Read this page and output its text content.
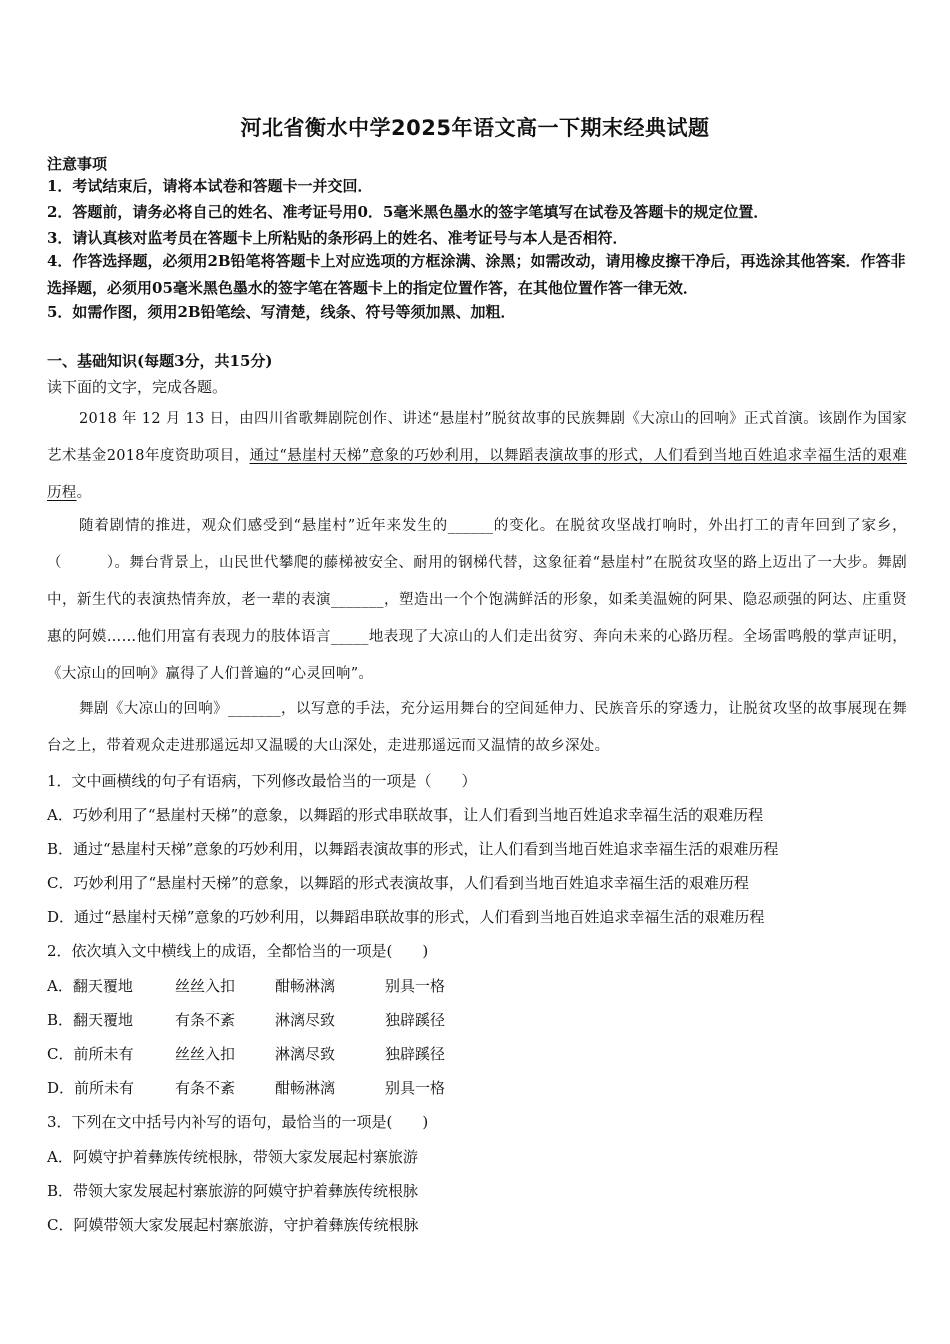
河北省衡水中学2025年语文高一下期末经典试题
注意事项
1．考试结束后，请将本试卷和答题卡一并交回．
2．答题前，请务必将自己的姓名、准考证号用0．5毫米黑色墨水的签字笔填写在试卷及答题卡的规定位置．
3．请认真核对监考员在答题卡上所粘贴的条形码上的姓名、准考证号与本人是否相符．
4．作答选择题，必须用2B铅笔将答题卡上对应选项的方框涂满、涂黑；如需改动，请用橡皮擦干净后，再选涂其他答案．作答非选择题，必须用05毫米黑色墨水的签字笔在答题卡上的指定位置作答，在其他位置作答一律无效．
5．如需作图，须用2B铅笔绘、写清楚，线条、符号等须加黑、加粗．
一、基础知识(每题3分，共15分)
读下面的文字，完成各题。
2018 年 12 月 13 日，由四川省歌舞剧院创作、讲述“悬崖村”脱贫故事的民族舞剧《大凉山的回响》正式首演。该剧作为国家艺术基金2018年度资助项目，通过“悬崖村天梯”意象的巧妙利用，以舞蹈表演故事的形式，人们看到当地百姓追求幸福生活的艰难历程。
随着剧情的推进，观众们感受到“悬崖村”近年来发生的______的变化。在脱贫攻坚战打响时，外出打工的青年回到了家乡，（　　　）。舞台背景上，山民世代攀爬的藤梯被安全、耐用的钢梯代替，这象征着“悬崖村”在脱贫攻坚的路上迈出了一大步。舞剧中，新生代的表演热情奔放，老一辈的表演_______，塑造出一个个饱满鲜活的形象，如柔美温婉的阿果、隐忍顽强的阿达、庄重贤惠的阿嫫……他们用富有表现力的肢体语言_____地表现了大凉山的人们走出贫穷、奔向未来的心路历程。全场雷鸣般的掌声证明，《大凉山的回响》赢得了人们普遍的“心灵回响”。
舞剧《大凉山的回响》_______，以写意的手法，充分运用舞台的空间延伸力、民族音乐的穿透力，让脱贫攻坚的故事展现在舞台之上，带着观众走进那遥远却又温暖的大山深处，走进那遥远而又温情的故乡深处。
1．文中画横线的句子有语病，下列修改最恰当的一项是（　　）
A．巧妙利用了“悬崖村天梯”的意象，以舞蹈的形式串联故事，让人们看到当地百姓追求幸福生活的艰难历程
B．通过“悬崖村天梯”意象的巧妙利用，以舞蹈表演故事的形式，让人们看到当地百姓追求幸福生活的艰难历程
C．巧妙利用了“悬崖村天梯”的意象，以舞蹈的形式表演故事，人们看到当地百姓追求幸福生活的艰难历程
D．通过“悬崖村天梯”意象的巧妙利用，以舞蹈串联故事的形式，人们看到当地百姓追求幸福生活的艰难历程
2．依次填入文中横线上的成语，全都恰当的一项是(　　)
A．翻天覆地	丝丝入扣	酣畅淋漓	别具一格
B．翻天覆地	有条不紊	淋漓尽致	独辟蹊径
C．前所未有	丝丝入扣	淋漓尽致	独辟蹊径
D．前所未有	有条不紊	酣畅淋漓	别具一格
3．下列在文中括号内补写的语句，最恰当的一项是(　　)
A．阿嫫守护着彝族传统根脉，带领大家发展起村寨旅游
B．带领大家发展起村寨旅游的阿嫫守护着彝族传统根脉
C．阿嫫带领大家发展起村寨旅游，守护着彝族传统根脉
